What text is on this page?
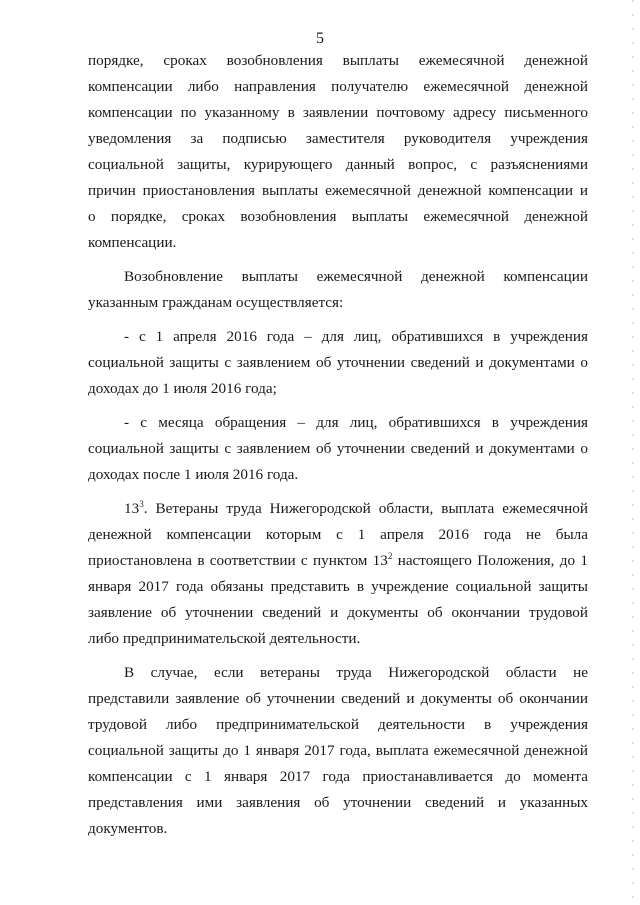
5

порядке, сроках возобновления выплаты ежемесячной денежной

компенсации либо направления получателю ежемесячной денежной

компенсации по указанному в заявлении почтовому адресу письменного

уведомления за подписью заместителя руководителя учреждения

социальной защиты, курирующего данный вопрос, с разъяснениями

причин приостановления выплаты ежемесячной денежной компенсации и

о порядке, сроках возобновления выплаты ежемесячной денежной

компенсации.

Возобновление выплаты ежемесячной денежной компенсации

указанным гражданам осуществляется:

- с 1 апреля 2016 года – для лиц, обратившихся в учреждения

социальной защиты с заявлением об уточнении сведений и документами о

доходах до 1 июля 2016 года;

- с месяца обращения – для лиц, обратившихся в учреждения

социальной защиты с заявлением об уточнении сведений и документами о

доходах после 1 июля 2016 года.

$13^3$. Ветераны труда Нижегородской области, выплата ежемесячной

денежной компенсации которым с 1 апреля 2016 года не была

приостановлена в соответствии с пунктом $13^2$ настоящего Положения, до 1

января 2017 года обязаны представить в учреждение социальной защиты

заявление об уточнении сведений и документы об окончании трудовой

либо предпринимательской деятельности.

В случае, если ветераны труда Нижегородской области не

представили заявление об уточнении сведений и документы об окончании

трудовой либо предпринимательской деятельности в учреждения

социальной защиты до 1 января 2017 года, выплата ежемесячной денежной

компенсации с 1 января 2017 года приостанавливается до момента

представления ими заявления об уточнении сведений и указанных

документов.
